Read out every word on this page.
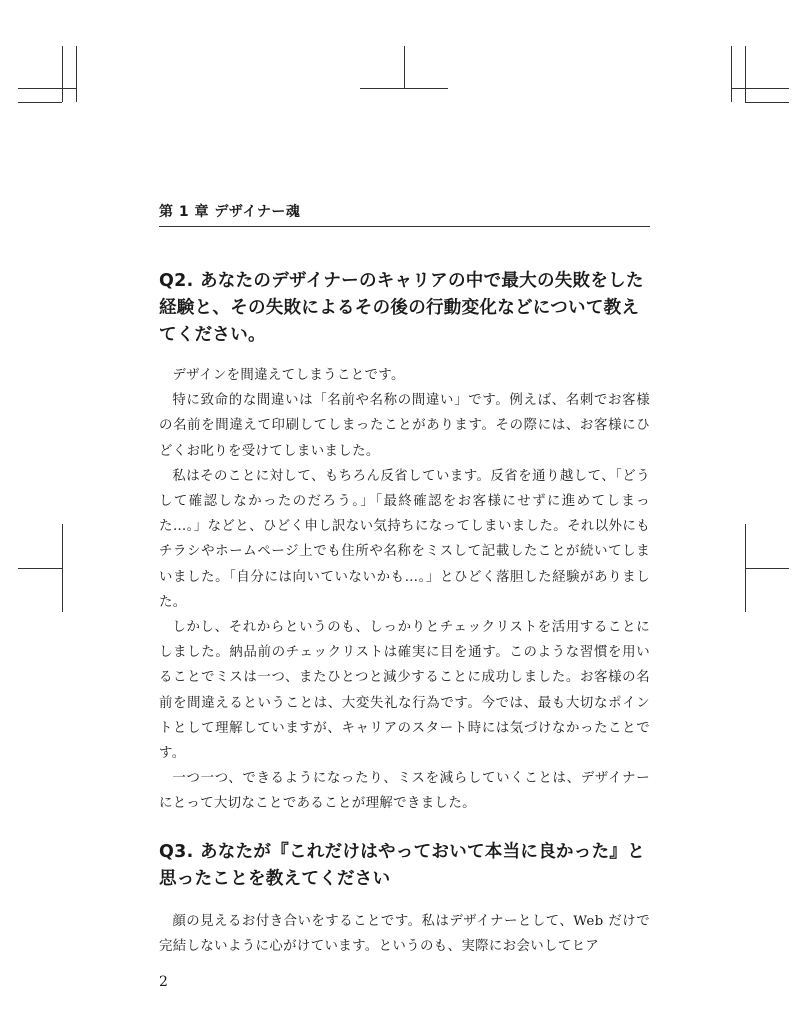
第 1 章 デザイナー魂
Q2. あなたのデザイナーのキャリアの中で最大の失敗をした経験と、その失敗によるその後の行動変化などについて教えてください。

デザインを間違えてしまうことです。

特に致命的な間違いは「名前や名称の間違い」です。例えば、名刺でお客様の名前を間違えて印刷してしまったことがあります。その際には、お客様にひどくお叱りを受けてしまいました。

私はそのことに対して、もちろん反省しています。反省を通り越して、「どうして確認しなかったのだろう。」「最終確認をお客様にせずに進めてしまった…。」などと、ひどく申し訳ない気持ちになってしまいました。それ以外にもチラシやホームページ上でも住所や名称をミスして記載したことが続いてしまいました。「自分には向いていないかも…。」とひどく落胆した経験がありました。

しかし、それからというのも、しっかりとチェックリストを活用することにしました。納品前のチェックリストは確実に目を通す。このような習慣を用いることでミスは一つ、またひとつと減少することに成功しました。お客様の名前を間違えるということは、大変失礼な行為です。今では、最も大切なポイントとして理解していますが、キャリアのスタート時には気づけなかったことです。

一つ一つ、できるようになったり、ミスを減らしていくことは、デザイナーにとって大切なことであることが理解できました。

Q3. あなたが『これだけはやっておいて本当に良かった』と思ったことを教えてください

顔の見えるお付き合いをすることです。私はデザイナーとして、Web だけで完結しないように心がけています。というのも、実際にお会いしてヒア

2
